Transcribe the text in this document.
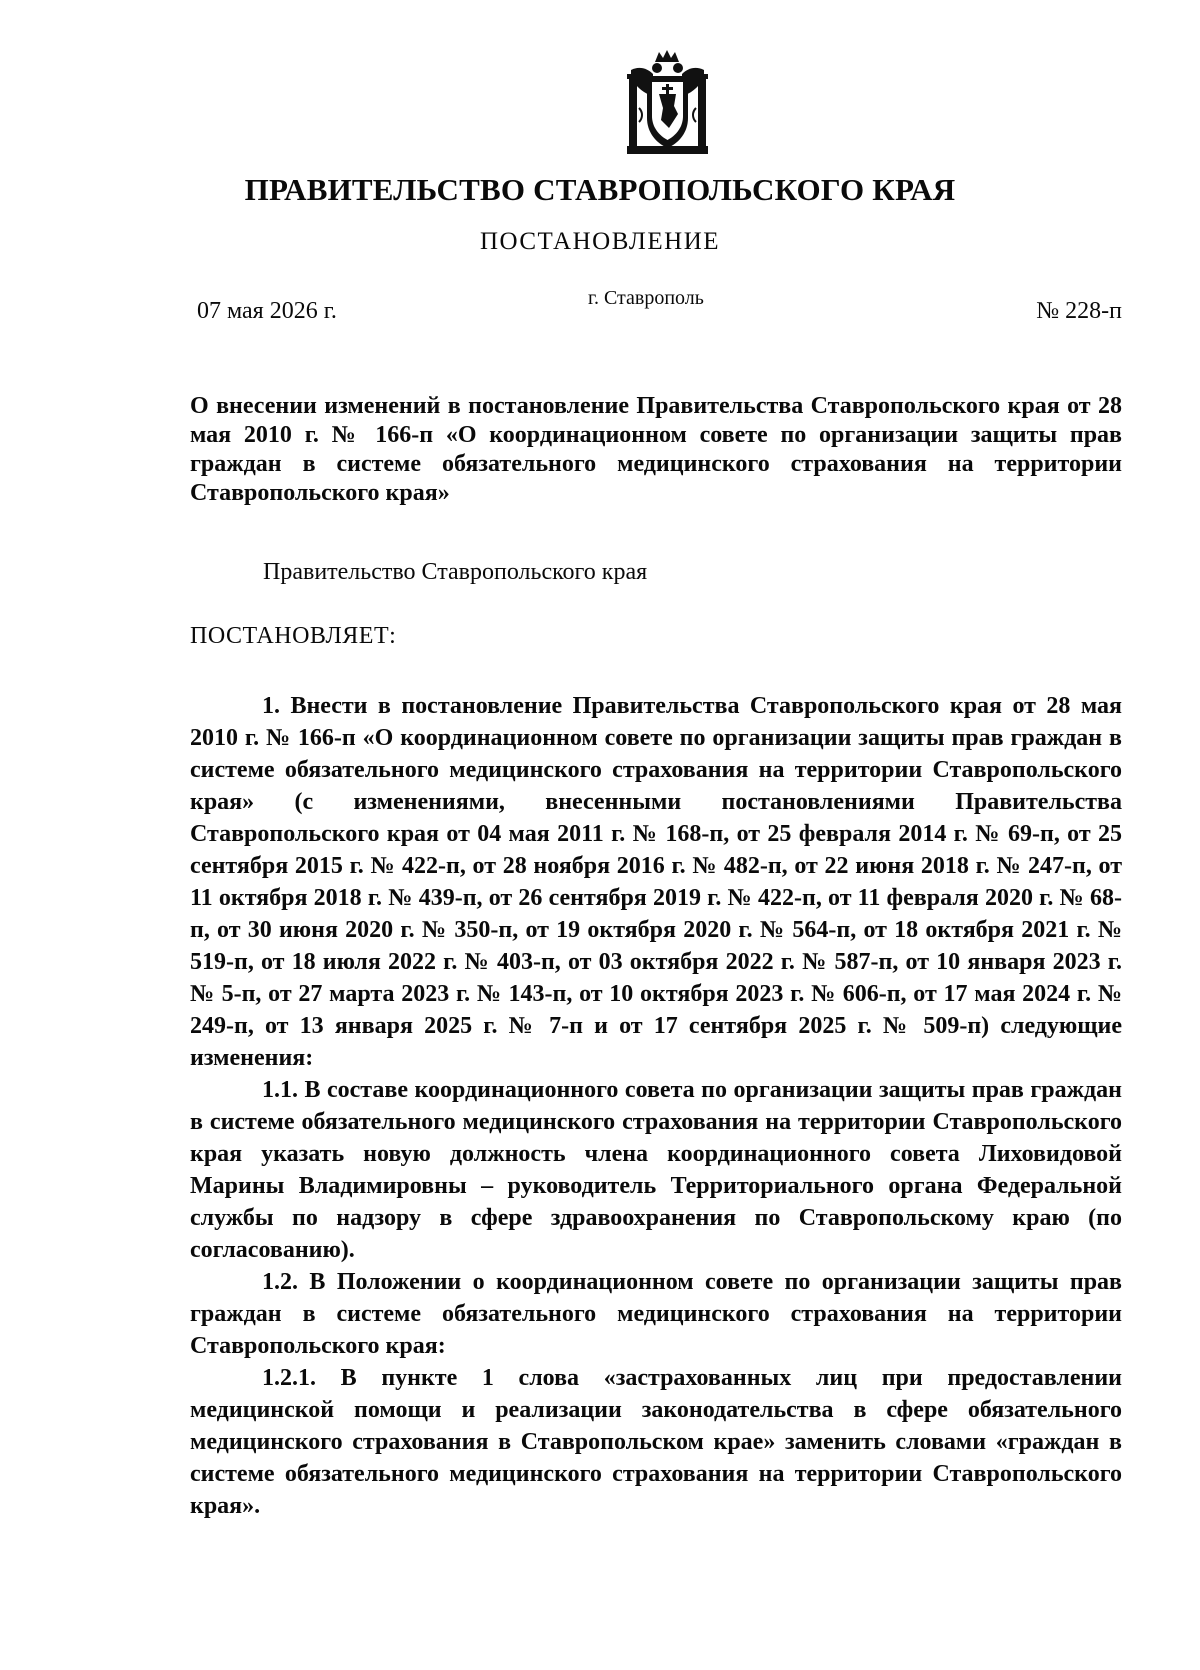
ПРАВИТЕЛЬСТВО СТАВРОПОЛЬСКОГО КРАЯ
ПОСТАНОВЛЕНИЕ
г. Ставрополь
07 мая 2026 г.	№ 228-п
О внесении изменений в постановление Правительства Ставропольского края от 28 мая 2010 г. № 166-п «О координационном совете по организации защиты прав граждан в системе обязательного медицинского страхования на территории Ставропольского края»
Правительство Ставропольского края
ПОСТАНОВЛЯЕТ:

1. Внести в постановление Правительства Ставропольского края от 28 мая 2010 г. № 166-п «О координационном совете по организации защиты прав граждан в системе обязательного медицинского страхования на территории Ставропольского края» (с изменениями, внесенными постановлениями Правительства Ставропольского края от 04 мая 2011 г. № 168-п, от 25 февраля 2014 г. № 69-п, от 25 сентября 2015 г. № 422-п, от 28 ноября 2016 г. № 482-п, от 22 июня 2018 г. № 247-п, от 11 октября 2018 г. № 439-п, от 26 сентября 2019 г. № 422-п, от 11 февраля 2020 г. № 68-п, от 30 июня 2020 г. № 350-п, от 19 октября 2020 г. № 564-п, от 18 октября 2021 г. № 519-п, от 18 июля 2022 г. № 403-п, от 03 октября 2022 г. № 587-п, от 10 января 2023 г. № 5-п, от 27 марта 2023 г. № 143-п, от 10 октября 2023 г. № 606-п, от 17 мая 2024 г. № 249-п, от 13 января 2025 г. № 7-п и от 17 сентября 2025 г. № 509-п) следующие изменения:

1.1. В составе координационного совета по организации защиты прав граждан в системе обязательного медицинского страхования на территории Ставропольского края указать новую должность члена координационного совета Лиховидовой Марины Владимировны – руководитель Территориального органа Федеральной службы по надзору в сфере здравоохранения по Ставропольскому краю (по согласованию).

1.2. В Положении о координационном совете по организации защиты прав граждан в системе обязательного медицинского страхования на территории Ставропольского края:

1.2.1. В пункте 1 слова «застрахованных лиц при предоставлении медицинской помощи и реализации законодательства в сфере обязательного медицинского страхования в Ставропольском крае» заменить словами «граждан в системе обязательного медицинского страхования на территории Ставропольского края».
